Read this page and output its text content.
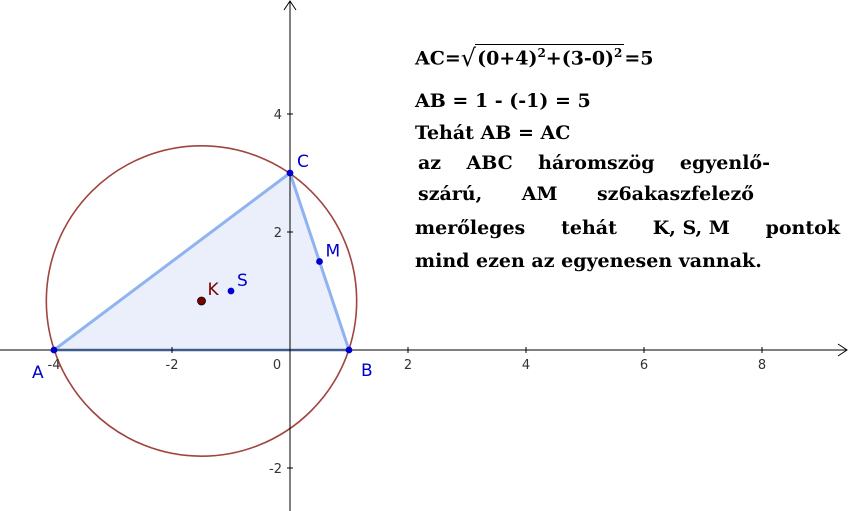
-4	-2	0	2	4	6	8
4
2
-2
A	B
C
M
S
K
$AC=√(0+4)^2+(3-0)^2 =5$
AB = 1 - (-1) = 5
Tehát AB = AC
az ABC háromszög egyenlő-
szárú, AM sz6akaszfelező
merőleges tehát K, S, M pontok
mind ezen az egyenesen vannak.
